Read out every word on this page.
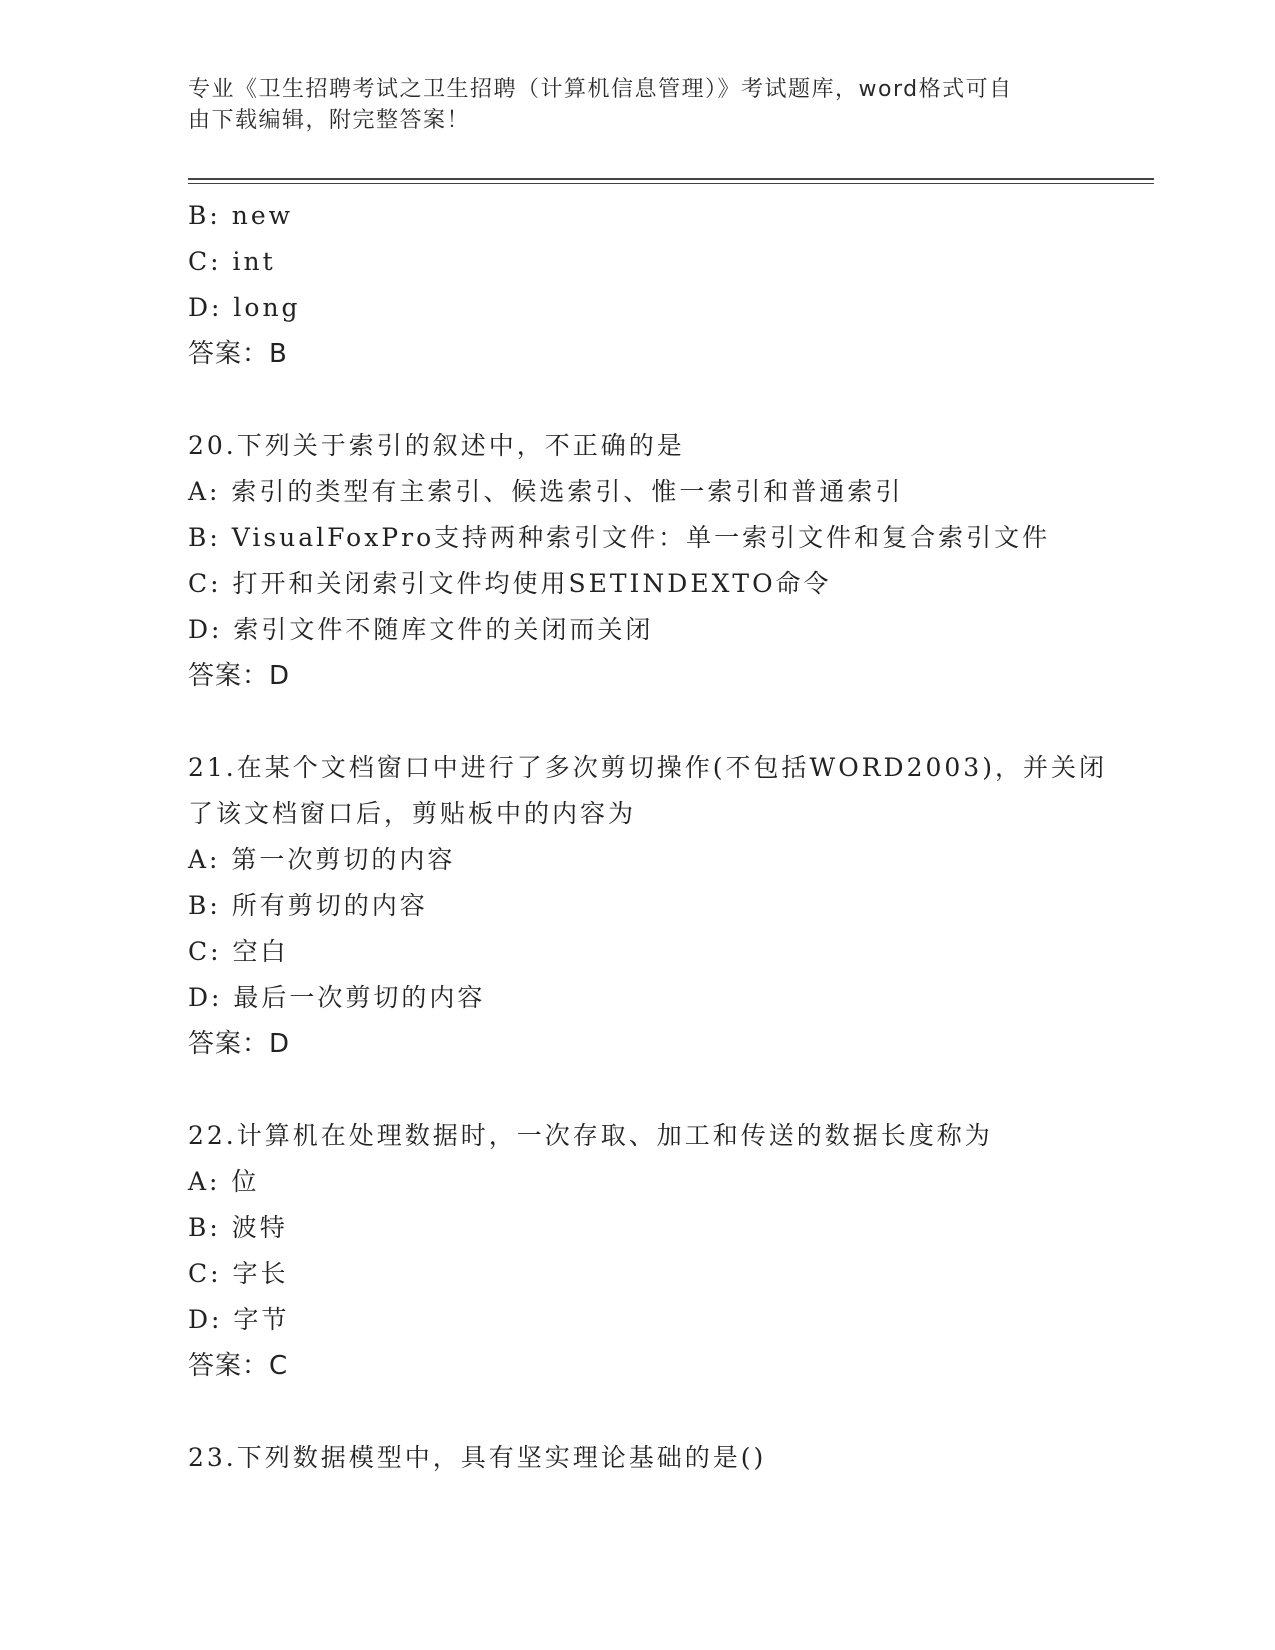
专业《卫生招聘考试之卫生招聘（计算机信息管理）》考试题库，word格式可自
由下载编辑，附完整答案！
B: new
C: int
D: long
答案：B
20.下列关于索引的叙述中，不正确的是
A: 索引的类型有主索引、候选索引、惟一索引和普通索引
B: VisualFoxPro支持两种索引文件：单一索引文件和复合索引文件
C: 打开和关闭索引文件均使用SETINDEXTO命令
D: 索引文件不随库文件的关闭而关闭
答案：D
21.在某个文档窗口中进行了多次剪切操作(不包括WORD2003)，并关闭
了该文档窗口后，剪贴板中的内容为
A: 第一次剪切的内容
B: 所有剪切的内容
C: 空白
D: 最后一次剪切的内容
答案：D
22.计算机在处理数据时，一次存取、加工和传送的数据长度称为
A: 位
B: 波特
C: 字长
D: 字节
答案：C
23.下列数据模型中，具有坚实理论基础的是()
